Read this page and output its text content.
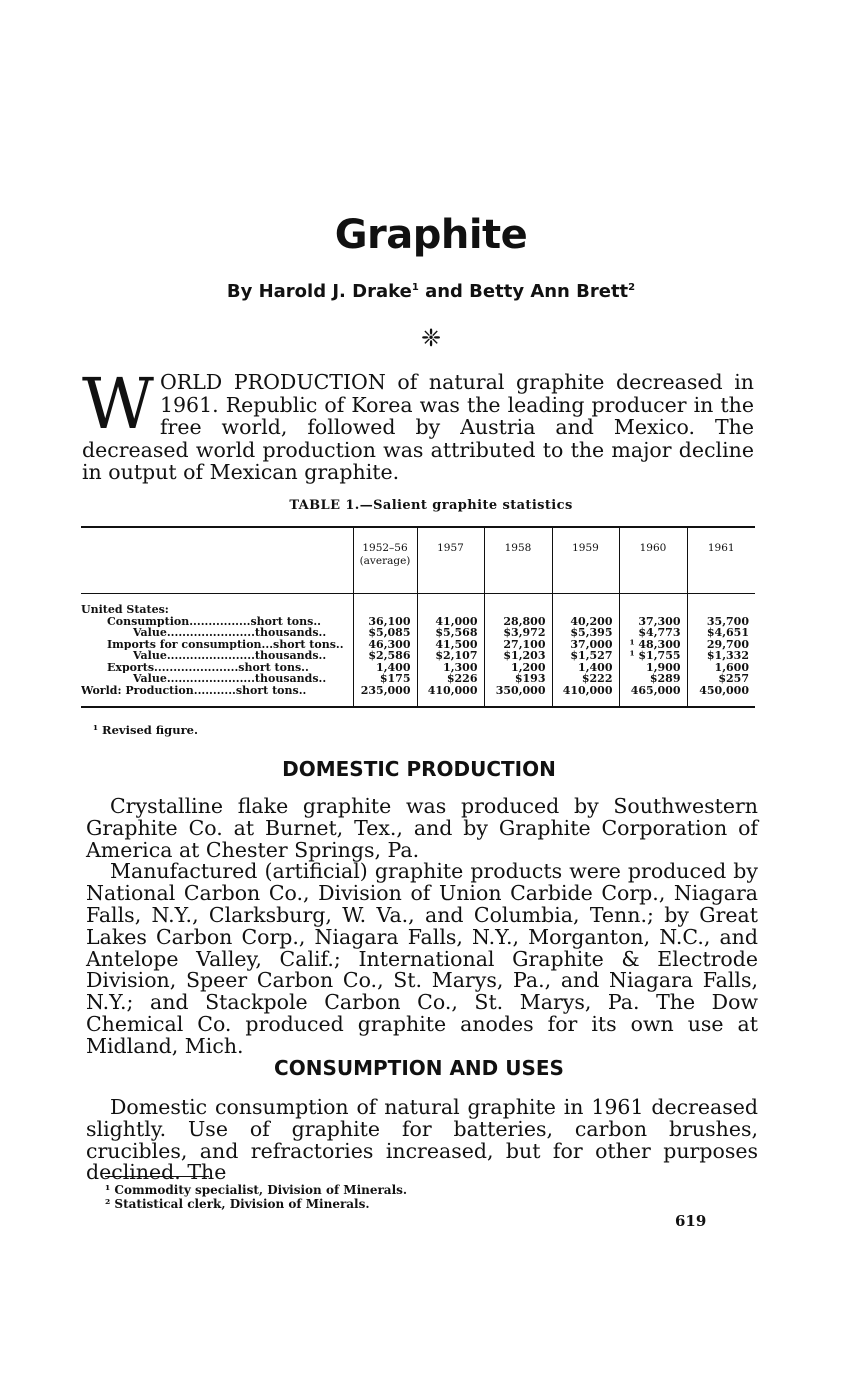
Graphite
By Harold J. Drake$^1$ and Betty Ann Brett$^2$
❈
WORLD PRODUCTION of natural graphite decreased in 1961. Republic of Korea was the leading producer in the free world, followed by Austria and Mexico. The decreased world production was attributed to the major decline in output of Mexican graphite.
TABLE 1.—Salient graphite statistics
	1952–56 (average)	1957	1958	1959	1960	1961

United States:						
Consumption................short tons..	36,100	41,000	28,800	40,200	37,300	35,700
Value.......................thousands..	$5,085	$5,568	$3,972	$5,395	$4,773	$4,651
Imports for consumption...short tons..	46,300	41,500	27,100	37,000	¹ 48,300	29,700
Value.......................thousands..	$2,586	$2,107	$1,203	$1,527	¹ $1,755	$1,332
Exports......................short tons..	1,400	1,300	1,200	1,400	1,900	1,600
Value.......................thousands..	$175	$226	$193	$222	$289	$257
World: Production...........short tons..	235,000	410,000	350,000	410,000	465,000	450,000

¹ Revised figure.
DOMESTIC PRODUCTION

Crystalline flake graphite was produced by Southwestern Graphite Co. at Burnet, Tex., and by Graphite Corporation of America at Chester Springs, Pa.

Manufactured (artificial) graphite products were produced by National Carbon Co., Division of Union Carbide Corp., Niagara Falls, N.Y., Clarksburg, W. Va., and Columbia, Tenn.; by Great Lakes Carbon Corp., Niagara Falls, N.Y., Morganton, N.C., and Antelope Valley, Calif.; International Graphite & Electrode Division, Speer Carbon Co., St. Marys, Pa., and Niagara Falls, N.Y.; and Stackpole Carbon Co., St. Marys, Pa. The Dow Chemical Co. produced graphite anodes for its own use at Midland, Mich.

CONSUMPTION AND USES

Domestic consumption of natural graphite in 1961 decreased slightly. Use of graphite for batteries, carbon brushes, crucibles, and refractories increased, but for other purposes declined. The

¹ Commodity specialist, Division of Minerals.
² Statistical clerk, Division of Minerals.
619
